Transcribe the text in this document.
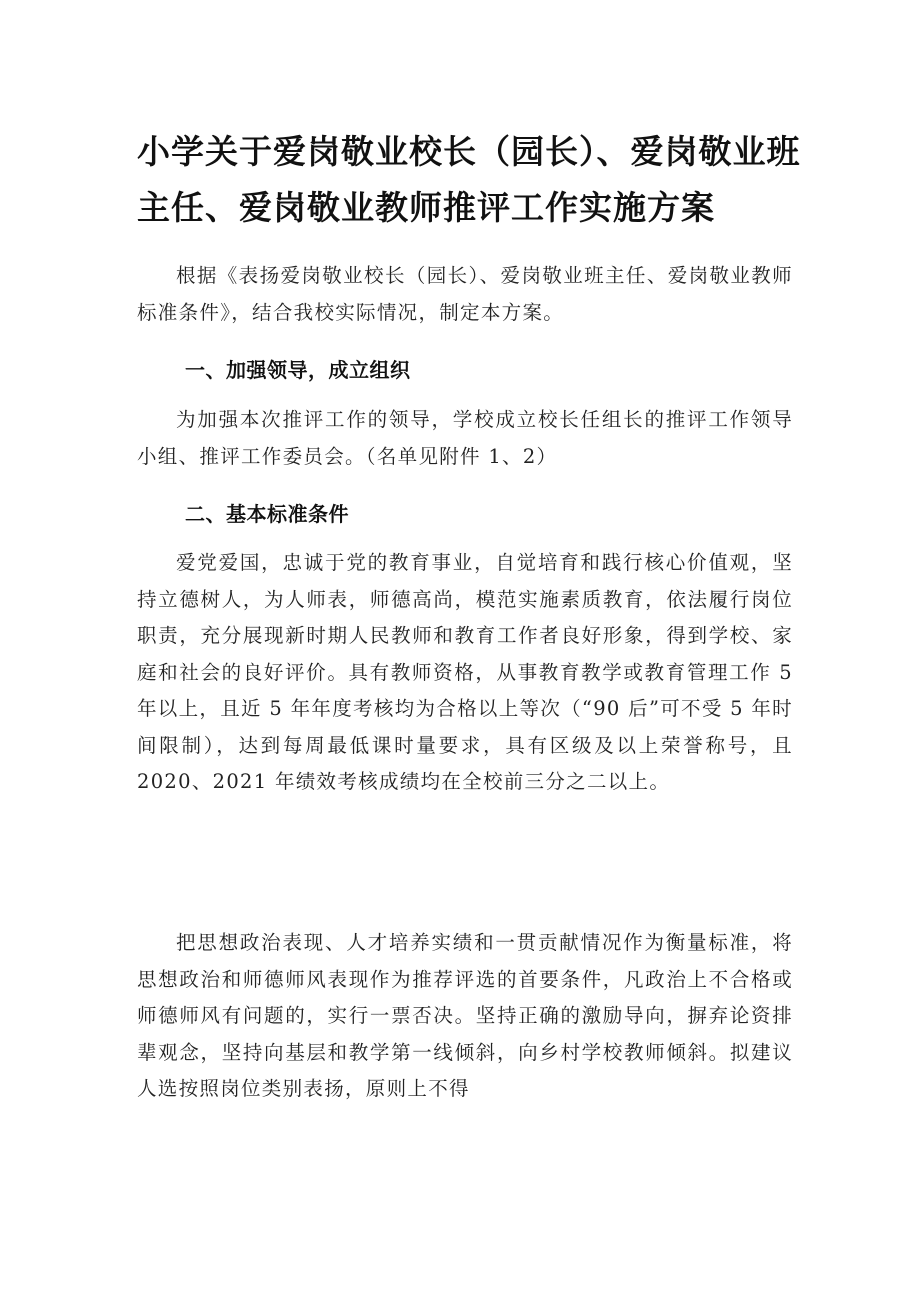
小学关于爱岗敬业校长（园长）、爱岗敬业班
主任、爱岗敬业教师推评工作实施方案

根据《表扬爱岗敬业校长（园长）、爱岗敬业班主任、爱岗敬业教师标准条件》，结合我校实际情况，制定本方案。

一、加强领导，成立组织

为加强本次推评工作的领导，学校成立校长任组长的推评工作领导小组、推评工作委员会。（名单见附件 1、2）

二、基本标准条件

爱党爱国，忠诚于党的教育事业，自觉培育和践行核心价值观，坚持立德树人，为人师表，师德高尚，模范实施素质教育，依法履行岗位职责，充分展现新时期人民教师和教育工作者良好形象，得到学校、家庭和社会的良好评价。具有教师资格，从事教育教学或教育管理工作 5 年以上，且近 5 年年度考核均为合格以上等次（“90 后”可不受 5 年时间限制），达到每周最低课时量要求，具有区级及以上荣誉称号，且 2020、2021 年绩效考核成绩均在全校前三分之二以上。

把思想政治表现、人才培养实绩和一贯贡献情况作为衡量标准，将思想政治和师德师风表现作为推荐评选的首要条件，凡政治上不合格或师德师风有问题的，实行一票否决。坚持正确的激励导向，摒弃论资排辈观念，坚持向基层和教学第一线倾斜，向乡村学校教师倾斜。拟建议人选按照岗位类别表扬，原则上不得
